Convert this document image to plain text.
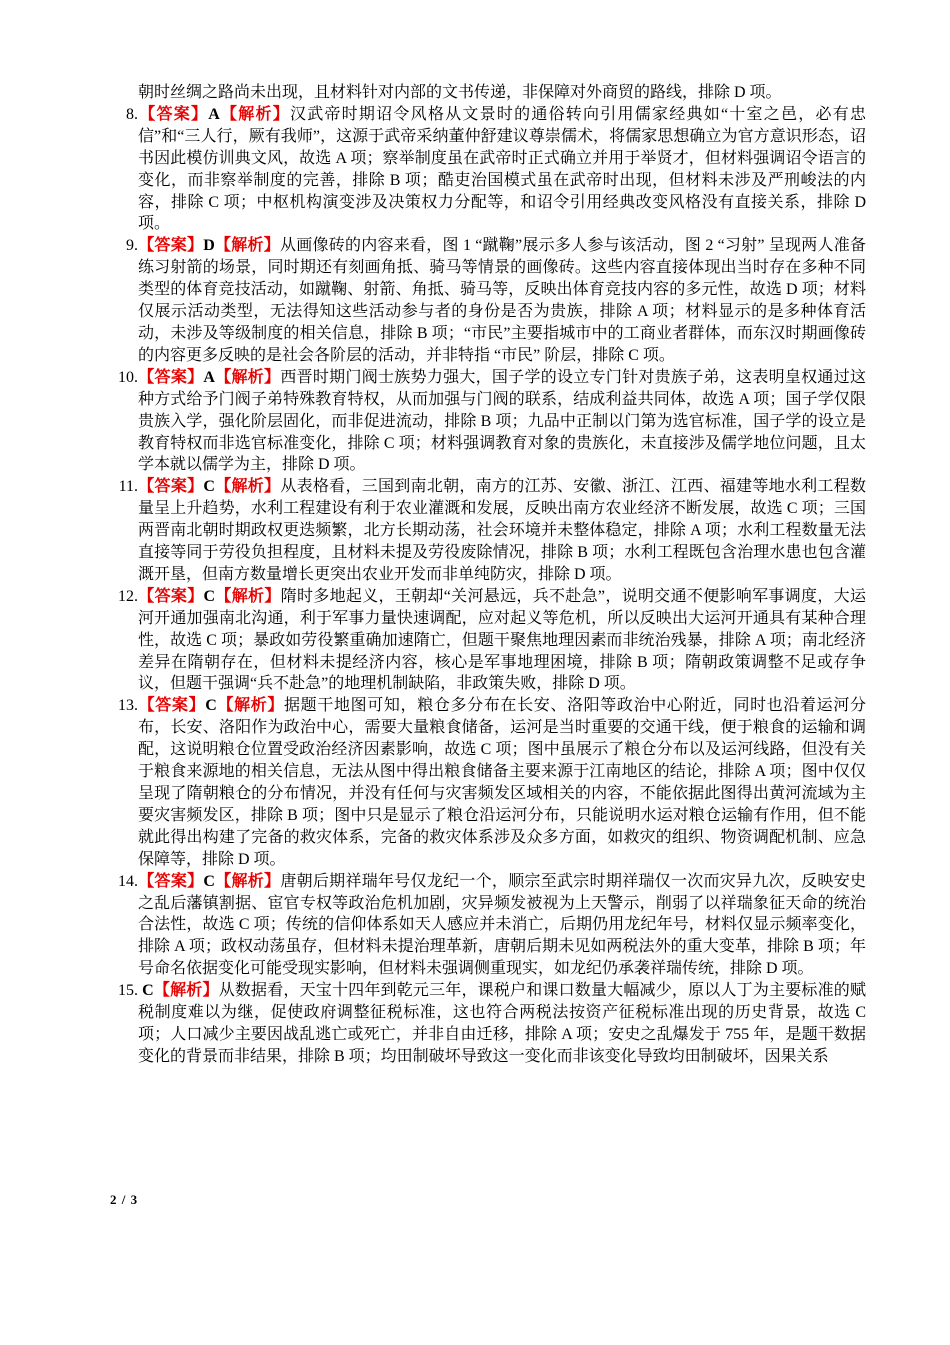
朝时丝绸之路尚未出现，且材料针对内部的文书传递，非保障对外商贸的路线，排除 D 项。

8.【答案】A【解析】汉武帝时期诏令风格从文景时的通俗转向引用儒家经典如“十室之邑，必有忠信”和“三人行，厥有我师”，这源于武帝采纳董仲舒建议尊崇儒术，将儒家思想确立为官方意识形态，诏书因此模仿训典文风，故选 A 项；察举制度虽在武帝时正式确立并用于举贤才，但材料强调诏令语言的变化，而非察举制度的完善，排除 B 项；酷吏治国模式虽在武帝时出现，但材料未涉及严刑峻法的内容，排除 C 项；中枢机构演变涉及决策权力分配等，和诏令引用经典改变风格没有直接关系，排除 D 项。

9.【答案】D【解析】从画像砖的内容来看，图 1 “蹴鞠”展示多人参与该活动，图 2 “习射” 呈现两人准备练习射箭的场景，同时期还有刻画角抵、骑马等情景的画像砖。这些内容直接体现出当时存在多种不同类型的体育竞技活动，如蹴鞠、射箭、角抵、骑马等，反映出体育竞技内容的多元性，故选 D 项；材料仅展示活动类型，无法得知这些活动参与者的身份是否为贵族，排除 A 项；材料显示的是多种体育活动，未涉及等级制度的相关信息，排除 B 项；“市民”主要指城市中的工商业者群体，而东汉时期画像砖的内容更多反映的是社会各阶层的活动，并非特指 “市民” 阶层，排除 C 项。

10.【答案】A【解析】西晋时期门阀士族势力强大，国子学的设立专门针对贵族子弟，这表明皇权通过这种方式给予门阀子弟特殊教育特权，从而加强与门阀的联系，结成利益共同体，故选 A 项；国子学仅限贵族入学，强化阶层固化，而非促进流动，排除 B 项；九品中正制以门第为选官标准，国子学的设立是教育特权而非选官标准变化，排除 C 项；材料强调教育对象的贵族化，未直接涉及儒学地位问题，且太学本就以儒学为主，排除 D 项。

11.【答案】C【解析】从表格看，三国到南北朝，南方的江苏、安徽、浙江、江西、福建等地水利工程数量呈上升趋势，水利工程建设有利于农业灌溉和发展，反映出南方农业经济不断发展，故选 C 项；三国两晋南北朝时期政权更迭频繁，北方长期动荡，社会环境并未整体稳定，排除 A 项；水利工程数量无法直接等同于劳役负担程度，且材料未提及劳役废除情况，排除 B 项；水利工程既包含治理水患也包含灌溉开垦，但南方数量增长更突出农业开发而非单纯防灾，排除 D 项。

12.【答案】C【解析】隋时多地起义，王朝却“关河悬远，兵不赴急”，说明交通不便影响军事调度，大运河开通加强南北沟通，利于军事力量快速调配，应对起义等危机，所以反映出大运河开通具有某种合理性，故选 C 项；暴政如劳役繁重确加速隋亡，但题干聚焦地理因素而非统治残暴，排除 A 项；南北经济差异在隋朝存在，但材料未提经济内容，核心是军事地理困境，排除 B 项；隋朝政策调整不足或存争议，但题干强调“兵不赴急”的地理机制缺陷，非政策失败，排除 D 项。

13.【答案】C【解析】据题干地图可知，粮仓多分布在长安、洛阳等政治中心附近，同时也沿着运河分布，长安、洛阳作为政治中心，需要大量粮食储备，运河是当时重要的交通干线，便于粮食的运输和调配，这说明粮仓位置受政治经济因素影响，故选 C 项；图中虽展示了粮仓分布以及运河线路，但没有关于粮食来源地的相关信息，无法从图中得出粮食储备主要来源于江南地区的结论，排除 A 项；图中仅仅呈现了隋朝粮仓的分布情况，并没有任何与灾害频发区域相关的内容，不能依据此图得出黄河流域为主要灾害频发区，排除 B 项；图中只是显示了粮仓沿运河分布，只能说明水运对粮仓运输有作用，但不能就此得出构建了完备的救灾体系，完备的救灾体系涉及众多方面，如救灾的组织、物资调配机制、应急保障等，排除 D 项。

14.【答案】C【解析】唐朝后期祥瑞年号仅龙纪一个，顺宗至武宗时期祥瑞仅一次而灾异九次，反映安史之乱后藩镇割据、宦官专权等政治危机加剧，灾异频发被视为上天警示，削弱了以祥瑞象征天命的统治合法性，故选 C 项；传统的信仰体系如天人感应并未消亡，后期仍用龙纪年号，材料仅显示频率变化，排除 A 项；政权动荡虽存，但材料未提治理革新，唐朝后期未见如两税法外的重大变革，排除 B 项；年号命名依据变化可能受现实影响，但材料未强调侧重现实，如龙纪仍承袭祥瑞传统，排除 D 项。

15. C【解析】从数据看，天宝十四年到乾元三年，课税户和课口数量大幅减少，原以人丁为主要标准的赋税制度难以为继，促使政府调整征税标准，这也符合两税法按资产征税标准出现的历史背景，故选 C 项；人口减少主要因战乱逃亡或死亡，并非自由迁移，排除 A 项；安史之乱爆发于 755 年，是题干数据变化的背景而非结果，排除 B 项；均田制破坏导致这一变化而非该变化导致均田制破坏，因果关系

2 / 3
